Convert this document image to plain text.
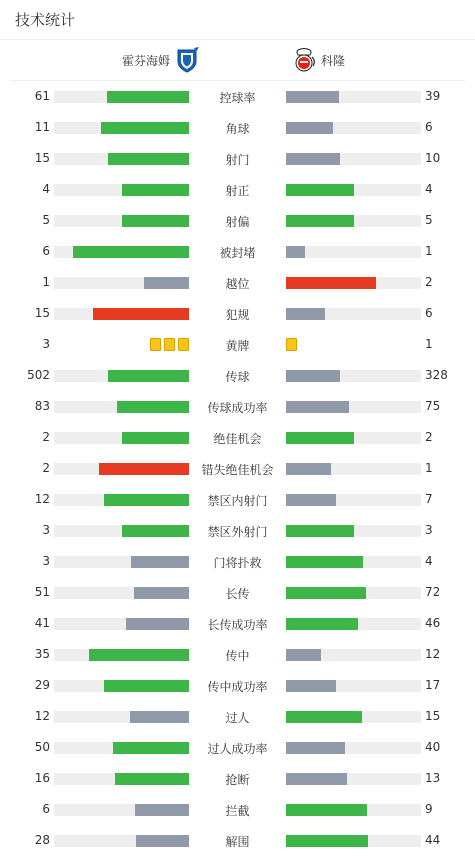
技术统计
霍芬海姆	科隆
61	控球率	39
11	角球	6
15	射门	10
4	射正	4
5	射偏	5
6	被封堵	1
1	越位	2
15	犯规	6
3	黄牌	1
502	传球	328
83	传球成功率	75
2	绝佳机会	2
2	错失绝佳机会	1
12	禁区内射门	7
3	禁区外射门	3
3	门将扑救	4
51	长传	72
41	长传成功率	46
35	传中	12
29	传中成功率	17
12	过人	15
50	过人成功率	40
16	抢断	13
6	拦截	9
28	解围	44
